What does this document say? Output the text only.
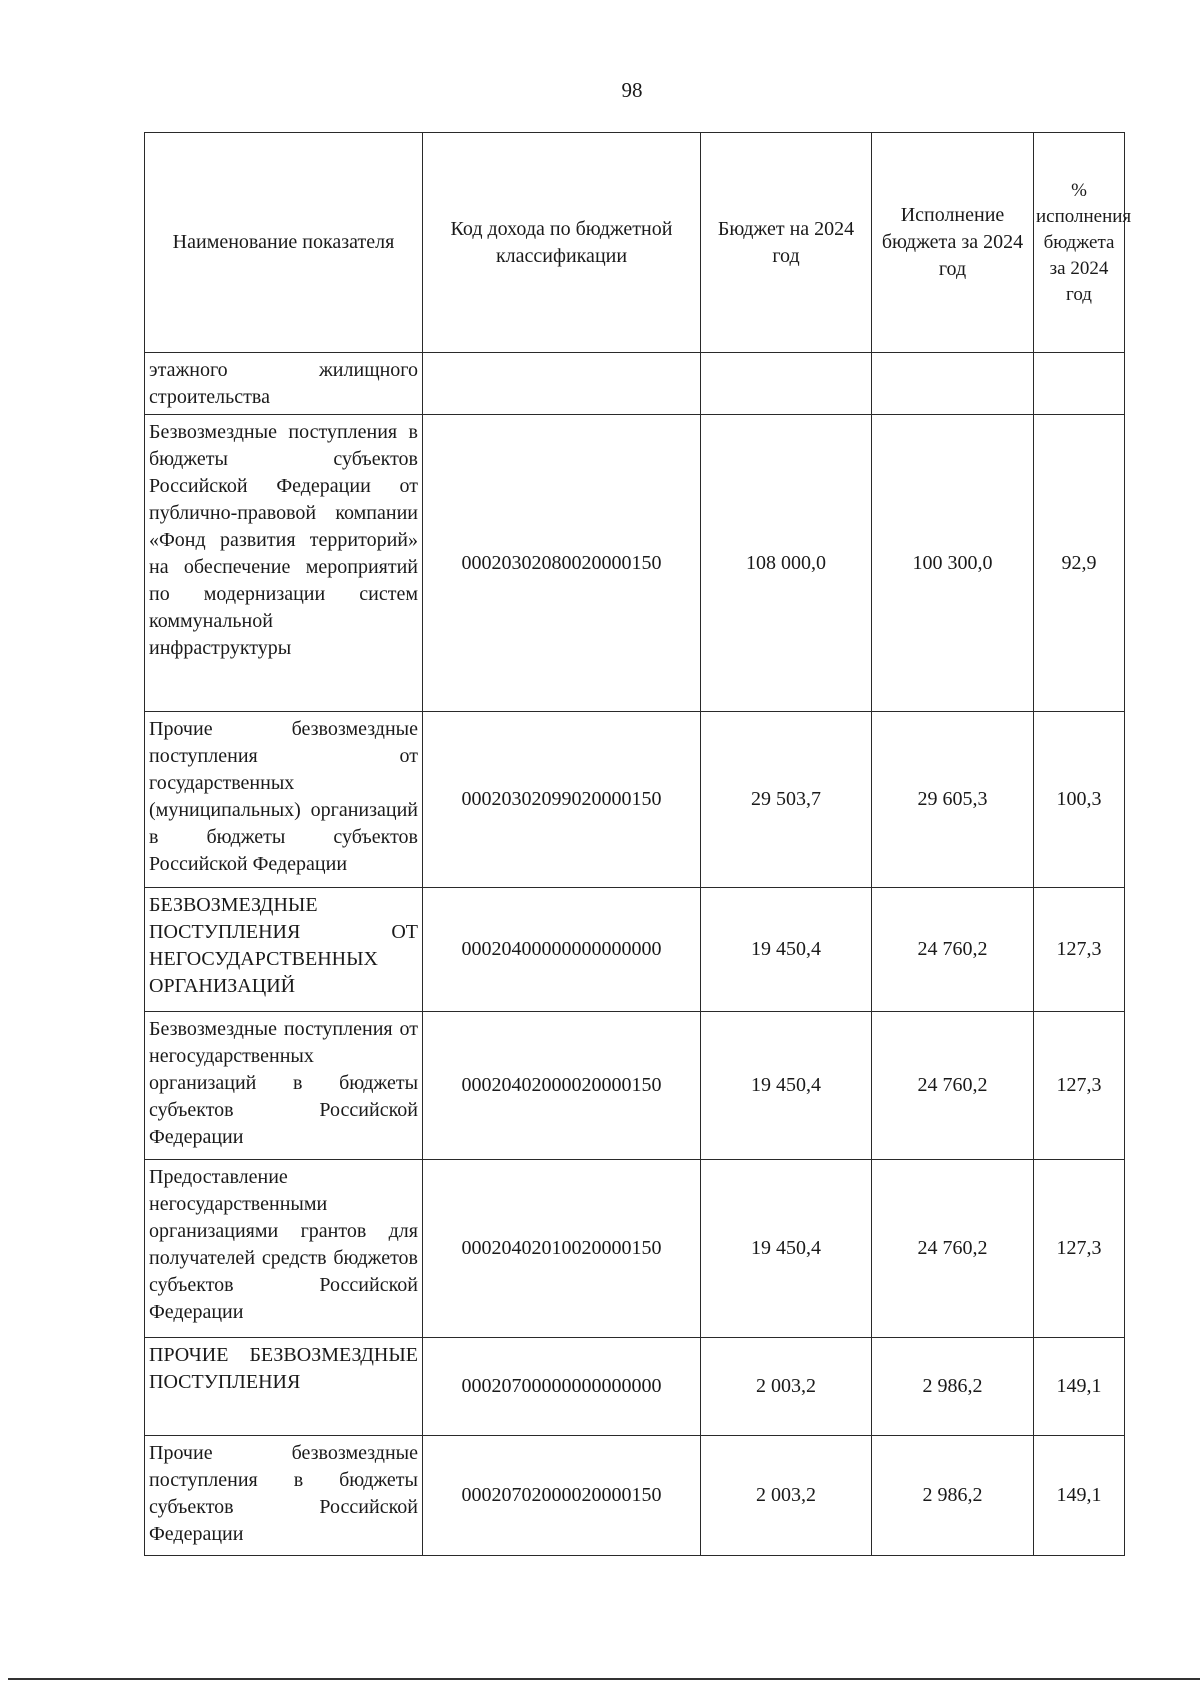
98
Наименование показателя	Код дохода по бюджетной классификации	Бюджет на 2024 год	Исполнение бюджета за 2024 год	% исполнения бюджета за 2024 год
этажного жилищного строительства				
Безвозмездные поступления в бюджеты субъектов Российской Федерации от публично-правовой компании «Фонд развития территорий» на обеспечение мероприятий по модернизации систем коммунальной инфраструктуры	00020302080020000150	108 000,0	100 300,0	92,9
Прочие безвозмездные поступления от государственных (муниципальных) организаций в бюджеты субъектов Российской Федерации	00020302099020000150	29 503,7	29 605,3	100,3
БЕЗВОЗМЕЗДНЫЕ ПОСТУПЛЕНИЯ ОТ НЕГОСУДАРСТВЕННЫХ ОРГАНИЗАЦИЙ	00020400000000000000	19 450,4	24 760,2	127,3
Безвозмездные поступления от негосударственных организаций в бюджеты субъектов Российской Федерации	00020402000020000150	19 450,4	24 760,2	127,3
Предоставление негосударственными организациями грантов для получателей средств бюджетов субъектов Российской Федерации	00020402010020000150	19 450,4	24 760,2	127,3
ПРОЧИЕ БЕЗВОЗМЕЗДНЫЕ ПОСТУПЛЕНИЯ	00020700000000000000	2 003,2	2 986,2	149,1
Прочие безвозмездные поступления в бюджеты субъектов Российской Федерации	00020702000020000150	2 003,2	2 986,2	149,1
